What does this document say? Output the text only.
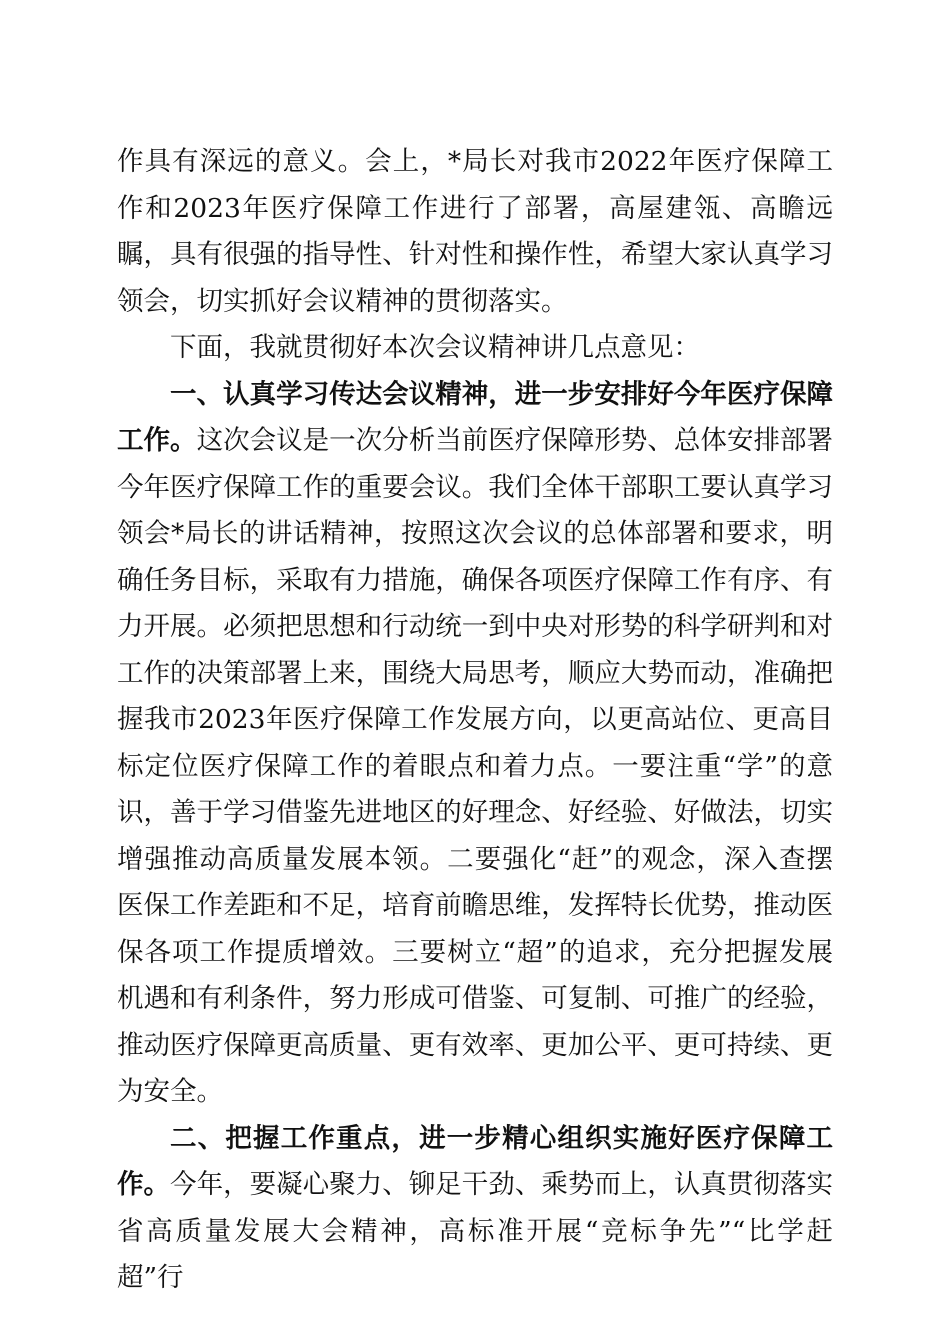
作具有深远的意义。会上，*局长对我市2022年医疗保障工作和2023年医疗保障工作进行了部署，高屋建瓴、高瞻远瞩，具有很强的指导性、针对性和操作性，希望大家认真学习领会，切实抓好会议精神的贯彻落实。

下面，我就贯彻好本次会议精神讲几点意见：

一、认真学习传达会议精神，进一步安排好今年医疗保障工作。这次会议是一次分析当前医疗保障形势、总体安排部署今年医疗保障工作的重要会议。我们全体干部职工要认真学习领会*局长的讲话精神，按照这次会议的总体部署和要求，明确任务目标，采取有力措施，确保各项医疗保障工作有序、有力开展。必须把思想和行动统一到中央对形势的科学研判和对工作的决策部署上来，围绕大局思考，顺应大势而动，准确把握我市2023年医疗保障工作发展方向，以更高站位、更高目标定位医疗保障工作的着眼点和着力点。一要注重“学”的意识，善于学习借鉴先进地区的好理念、好经验、好做法，切实增强推动高质量发展本领。二要强化“赶”的观念，深入查摆医保工作差距和不足，培育前瞻思维，发挥特长优势，推动医保各项工作提质增效。三要树立“超”的追求，充分把握发展机遇和有利条件，努力形成可借鉴、可复制、可推广的经验，推动医疗保障更高质量、更有效率、更加公平、更可持续、更为安全。

二、把握工作重点，进一步精心组织实施好医疗保障工作。今年，要凝心聚力、铆足干劲、乘势而上，认真贯彻落实省高质量发展大会精神，高标准开展“竞标争先”“比学赶超”行
